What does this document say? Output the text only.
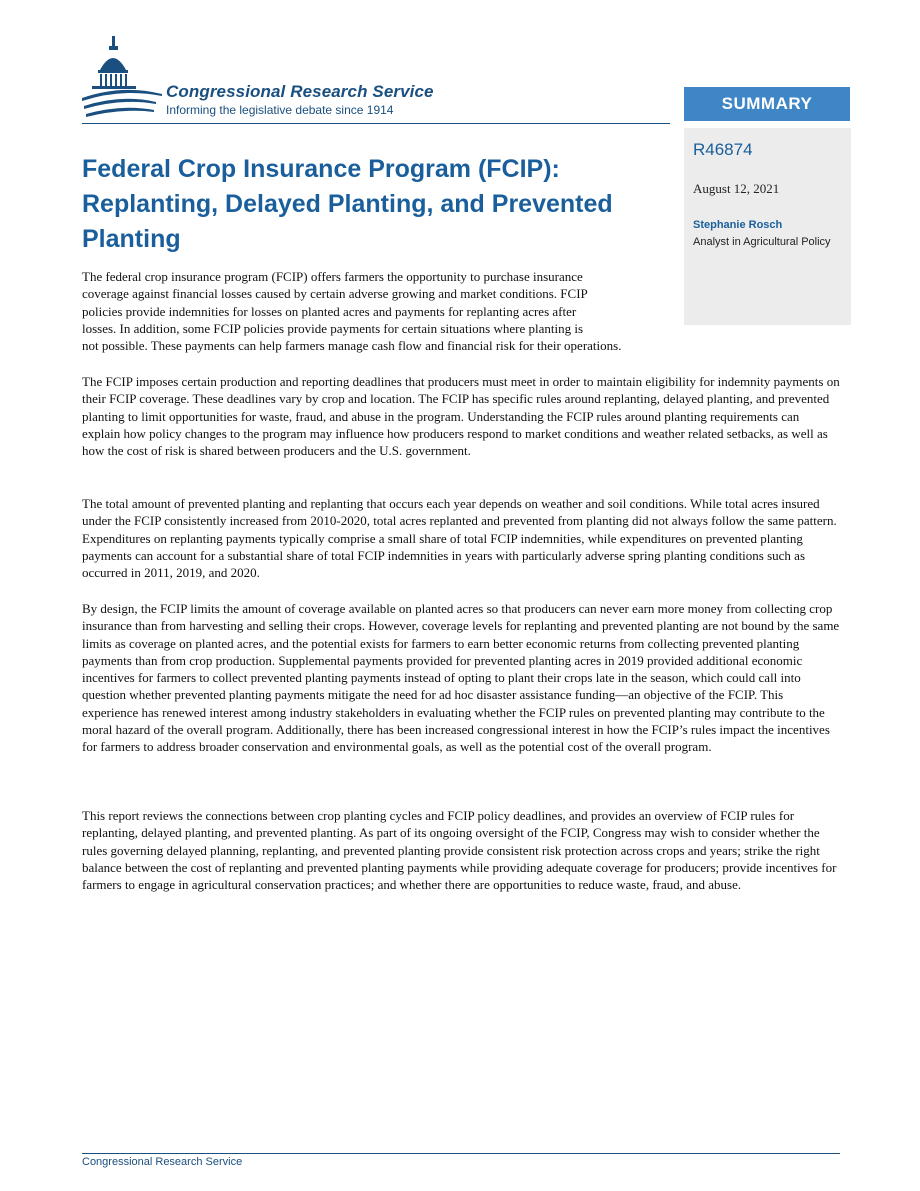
Congressional Research Service
Informing the legislative debate since 1914	SUMMARY
R46874
August 12, 2021
Stephanie Rosch
Analyst in Agricultural Policy
Federal Crop Insurance Program (FCIP): Replanting, Delayed Planting, and Prevented Planting
The federal crop insurance program (FCIP) offers farmers the opportunity to purchase insurance
coverage against financial losses caused by certain adverse growing and market conditions. FCIP
policies provide indemnities for losses on planted acres and payments for replanting acres after
losses. In addition, some FCIP policies provide payments for certain situations where planting is
not possible. These payments can help farmers manage cash flow and financial risk for their operations.
The FCIP imposes certain production and reporting deadlines that producers must meet in order to maintain eligibility for indemnity payments on their FCIP coverage. These deadlines vary by crop and location. The FCIP has specific rules around replanting, delayed planting, and prevented planting to limit opportunities for waste, fraud, and abuse in the program. Understanding the FCIP rules around planting requirements can explain how policy changes to the program may influence how producers respond to market conditions and weather related setbacks, as well as how the cost of risk is shared between producers and the U.S. government.
The total amount of prevented planting and replanting that occurs each year depends on weather and soil conditions. While total acres insured under the FCIP consistently increased from 2010-2020, total acres replanted and prevented from planting did not always follow the same pattern. Expenditures on replanting payments typically comprise a small share of total FCIP indemnities, while expenditures on prevented planting payments can account for a substantial share of total FCIP indemnities in years with particularly adverse spring planting conditions such as occurred in 2011, 2019, and 2020.
By design, the FCIP limits the amount of coverage available on planted acres so that producers can never earn more money from collecting crop insurance than from harvesting and selling their crops. However, coverage levels for replanting and prevented planting are not bound by the same limits as coverage on planted acres, and the potential exists for farmers to earn better economic returns from collecting prevented planting payments than from crop production. Supplemental payments provided for prevented planting acres in 2019 provided additional economic incentives for farmers to collect prevented planting payments instead of opting to plant their crops late in the season, which could call into question whether prevented planting payments mitigate the need for ad hoc disaster assistance funding—an objective of the FCIP. This experience has renewed interest among industry stakeholders in evaluating whether the FCIP rules on prevented planting may contribute to the moral hazard of the overall program. Additionally, there has been increased congressional interest in how the FCIP’s rules impact the incentives for farmers to address broader conservation and environmental goals, as well as the potential cost of the overall program.
This report reviews the connections between crop planting cycles and FCIP policy deadlines, and provides an overview of FCIP rules for replanting, delayed planting, and prevented planting. As part of its ongoing oversight of the FCIP, Congress may wish to consider whether the rules governing delayed planning, replanting, and prevented planting provide consistent risk protection across crops and years; strike the right balance between the cost of replanting and prevented planting payments while providing adequate coverage for producers; provide incentives for farmers to engage in agricultural conservation practices; and whether there are opportunities to reduce waste, fraud, and abuse.
Congressional Research Service
